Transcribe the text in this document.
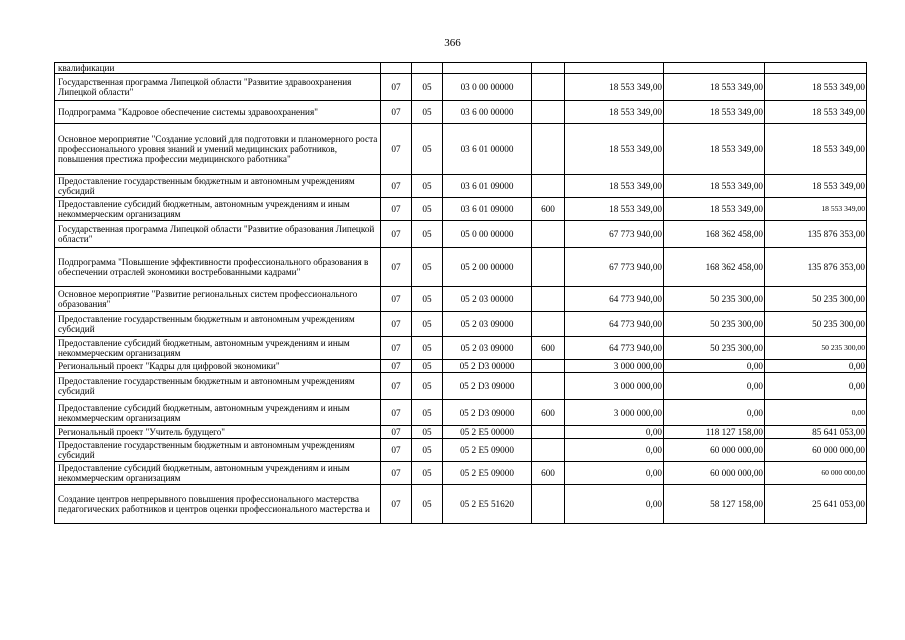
366
квалификации							
Государственная программа Липецкой области "Развитие здравоохранения Липецкой области"	07	05	03 0 00 00000		18 553 349,00	18 553 349,00	18 553 349,00
Подпрограмма "Кадровое обеспечение системы здравоохранения"	07	05	03 6 00 00000		18 553 349,00	18 553 349,00	18 553 349,00
Основное мероприятие "Создание условий для подготовки и планомерного роста профессионального уровня знаний и умений медицинских работников, повышения престижа профессии медицинского работника"	07	05	03 6 01 00000		18 553 349,00	18 553 349,00	18 553 349,00
Предоставление государственным бюджетным и автономным учреждениям субсидий	07	05	03 6 01 09000		18 553 349,00	18 553 349,00	18 553 349,00
Предоставление субсидий бюджетным, автономным учреждениям и иным некоммерческим организациям	07	05	03 6 01 09000	600	18 553 349,00	18 553 349,00	18 553 349,00
Государственная программа Липецкой области "Развитие образования Липецкой области"	07	05	05 0 00 00000		67 773 940,00	168 362 458,00	135 876 353,00
Подпрограмма "Повышение эффективности профессионального образования в обеспечении отраслей экономики востребованными кадрами"	07	05	05 2 00 00000		67 773 940,00	168 362 458,00	135 876 353,00
Основное мероприятие "Развитие региональных систем профессионального образования"	07	05	05 2 03 00000		64 773 940,00	50 235 300,00	50 235 300,00
Предоставление государственным бюджетным и автономным учреждениям субсидий	07	05	05 2 03 09000		64 773 940,00	50 235 300,00	50 235 300,00
Предоставление субсидий бюджетным, автономным учреждениям и иным некоммерческим организациям	07	05	05 2 03 09000	600	64 773 940,00	50 235 300,00	50 235 300,00
Региональный проект "Кадры для цифровой экономики"	07	05	05 2 D3 00000		3 000 000,00	0,00	0,00
Предоставление государственным бюджетным и автономным учреждениям субсидий	07	05	05 2 D3 09000		3 000 000,00	0,00	0,00
Предоставление субсидий бюджетным, автономным учреждениям и иным некоммерческим организациям	07	05	05 2 D3 09000	600	3 000 000,00	0,00	0,00
Региональный проект "Учитель будущего"	07	05	05 2 E5 00000		0,00	118 127 158,00	85 641 053,00
Предоставление государственным бюджетным и автономным учреждениям субсидий	07	05	05 2 E5 09000		0,00	60 000 000,00	60 000 000,00
Предоставление субсидий бюджетным, автономным учреждениям и иным некоммерческим организациям	07	05	05 2 E5 09000	600	0,00	60 000 000,00	60 000 000,00
Создание центров непрерывного повышения профессионального мастерства педагогических работников и центров оценки профессионального мастерства и	07	05	05 2 E5 51620		0,00	58 127 158,00	25 641 053,00
